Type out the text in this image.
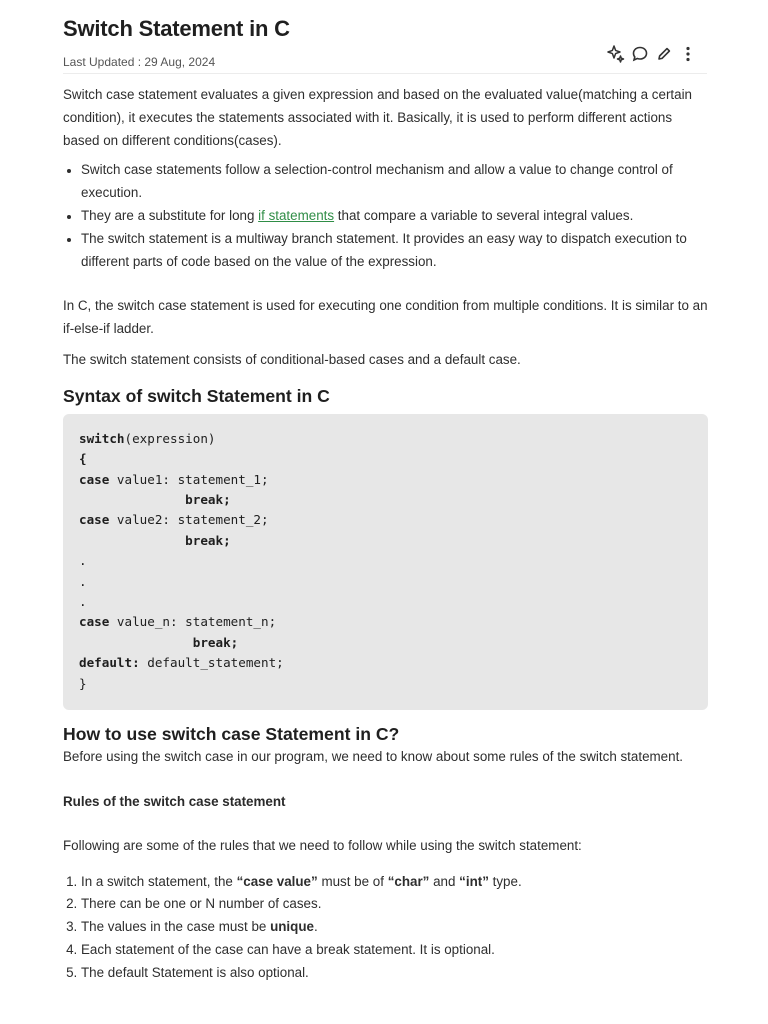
Switch Statement in C
Last Updated : 29 Aug, 2024

Switch case statement evaluates a given expression and based on the evaluated value(matching a certain condition), it executes the statements associated with it. Basically, it is used to perform different actions based on different conditions(cases).

• Switch case statements follow a selection-control mechanism and allow a value to change control of execution.
• They are a substitute for long if statements that compare a variable to several integral values.
• The switch statement is a multiway branch statement. It provides an easy way to dispatch execution to different parts of code based on the value of the expression.

In C, the switch case statement is used for executing one condition from multiple conditions. It is similar to an if-else-if ladder.

The switch statement consists of conditional-based cases and a default case.

Syntax of switch Statement in C
switch(expression)
{
case value1: statement_1;
break;
case value2: statement_2;
break;
.
.
.
case value_n: statement_n;
break;
default: default_statement;
}
How to use switch case Statement in C?

Before using the switch case in our program, we need to know about some rules of the switch statement.

Rules of the switch case statement

Following are some of the rules that we need to follow while using the switch statement:

1. In a switch statement, the “case value” must be of “char” and “int” type.
2. There can be one or N number of cases.
3. The values in the case must be unique.
4. Each statement of the case can have a break statement. It is optional.
5. The default Statement is also optional.
